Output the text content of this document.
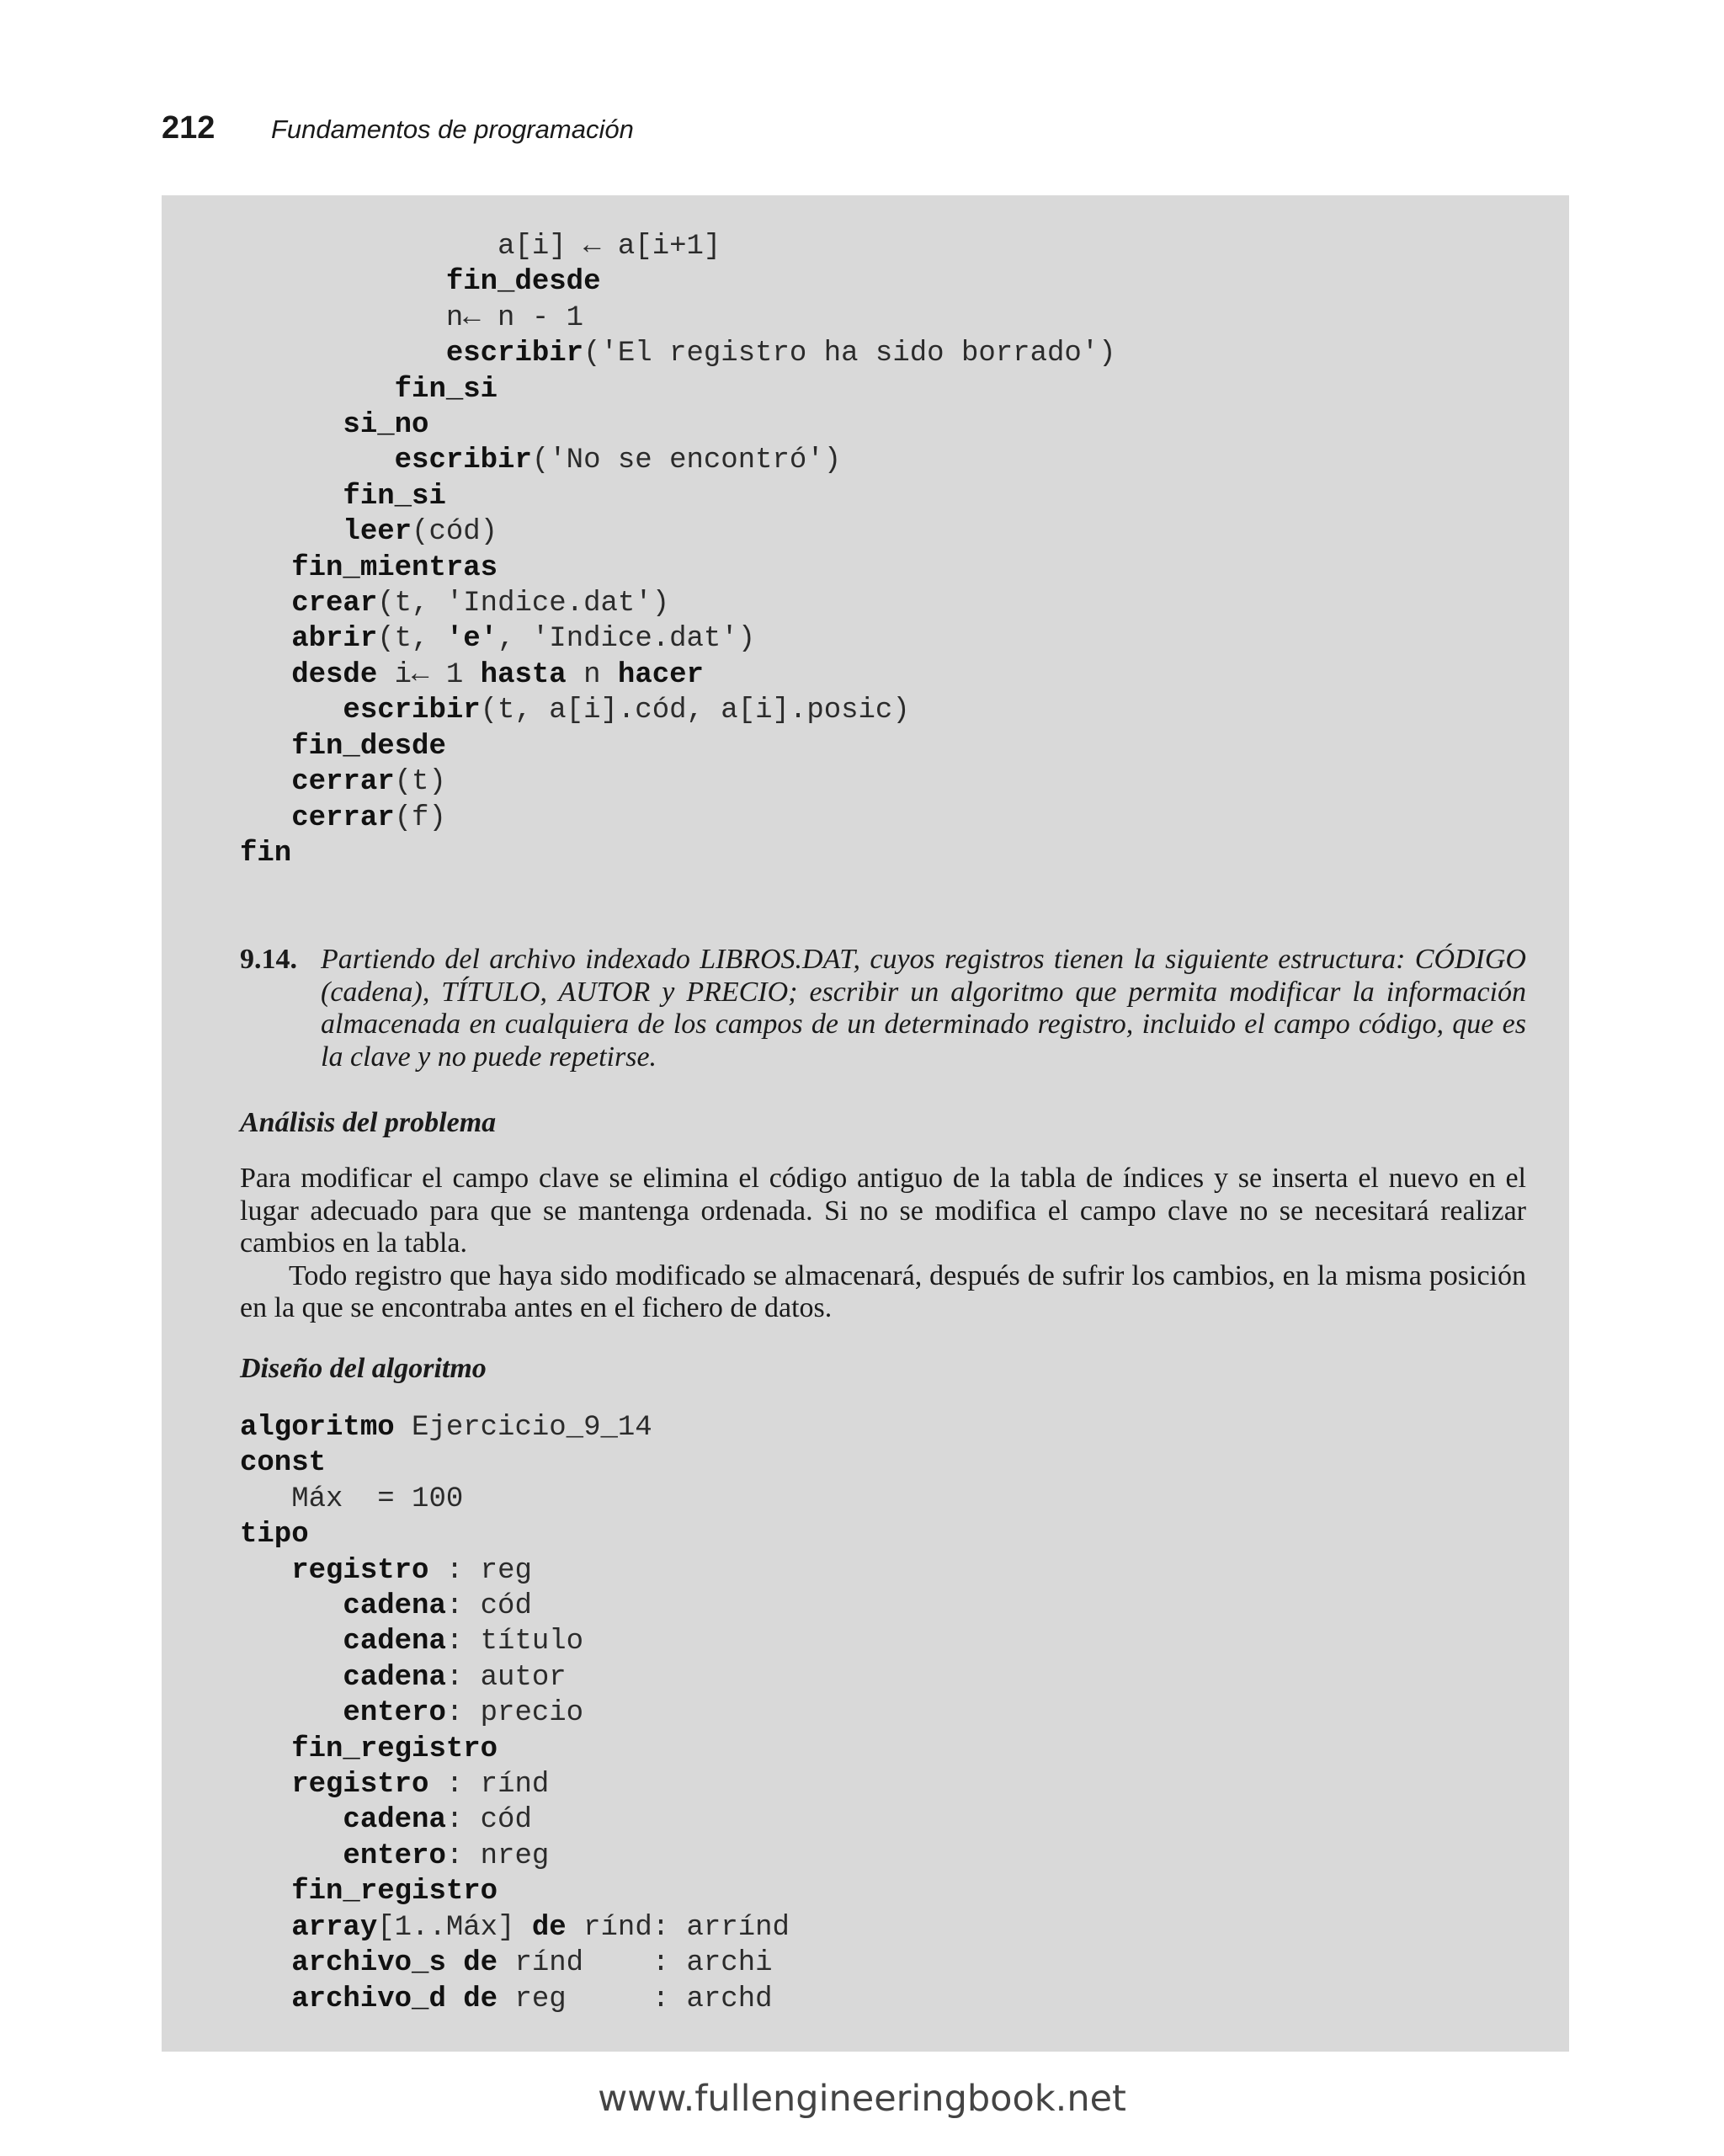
212 Fundamentos de programación
a[i] ← a[i+1]
fin_desde
n← n - 1
escribir('El registro ha sido borrado')
fin_si
si_no
escribir('No se encontró')
fin_si
leer(cód)
fin_mientras
crear(t, 'Indice.dat')
abrir(t, 'e', 'Indice.dat')
desde i← 1 hasta n hacer
escribir(t, a[i].cód, a[i].posic)
fin_desde
cerrar(t)
cerrar(f)
fin
9.14. Partiendo del archivo indexado LIBROS.DAT, cuyos registros tienen la siguiente estructura: CÓDIGO (cadena), TÍTULO, AUTOR y PRECIO; escribir un algoritmo que permita modificar la información almacenada en cualquiera de los campos de un determinado registro, incluido el campo código, que es la clave y no puede repetirse.
Análisis del problema

Para modificar el campo clave se elimina el código antiguo de la tabla de índices y se inserta el nuevo en el lugar adecuado para que se mantenga ordenada. Si no se modifica el campo clave no se necesitará realizar cambios en la tabla.

Todo registro que haya sido modificado se almacenará, después de sufrir los cambios, en la misma posición en la que se encontraba antes en el fichero de datos.

Diseño del algoritmo
algoritmo Ejercicio_9_14
const
Máx  = 100
tipo
registro : reg
cadena: cód
cadena: título
cadena: autor
entero: precio
fin_registro
registro : rínd
cadena: cód
entero: nreg
fin_registro
array[1..Máx] de rínd: arrínd
archivo_s de rínd    : archi
archivo_d de reg     : archd
www.fullengineeringbook.net
